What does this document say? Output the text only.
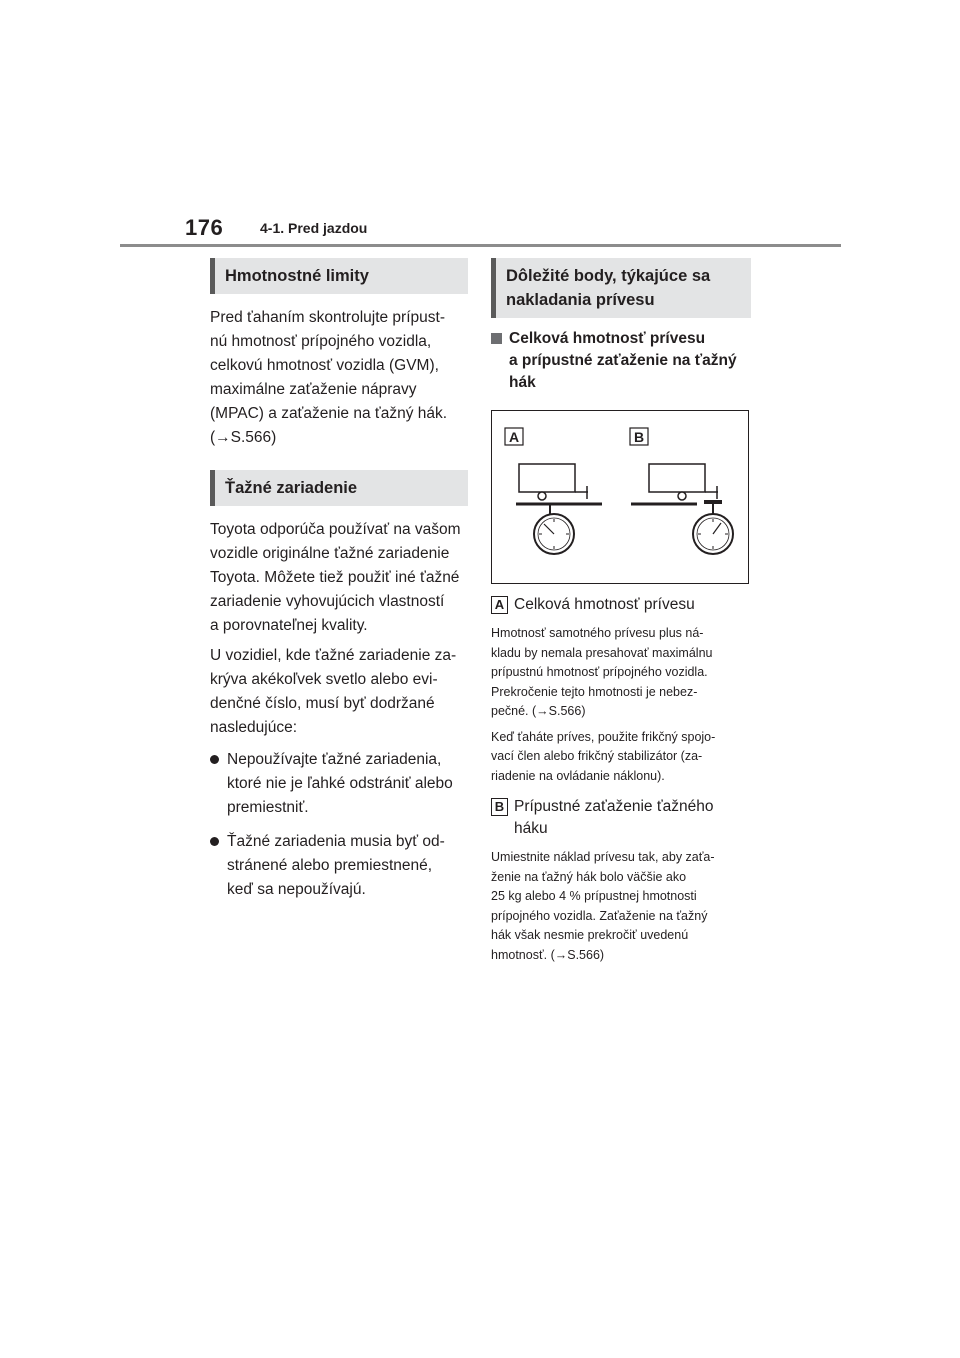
176	4-1. Pred jazdou
Hmotnostné limity

Pred ťahaním skontrolujte prípust-
nú hmotnosť prípojného vozidla,
celkovú hmotnosť vozidla (GVM),
maximálne zaťaženie nápravy
(MPAC) a zaťaženie na ťažný hák.
(→S.566)

Ťažné zariadenie

Toyota odporúča používať na vašom
vozidle originálne ťažné zariadenie
Toyota. Môžete tiež použiť iné ťažné
zariadenie vyhovujúcich vlastností
a porovnateľnej kvality.

U vozidiel, kde ťažné zariadenie za-
krýva akékoľvek svetlo alebo evi-
denčné číslo, musí byť dodržané
nasledujúce:

Nepoužívajte ťažné zariadenia,
ktoré nie je ľahké odstrániť alebo
premiestniť.
Ťažné zariadenia musia byť od-
stránené alebo premiestnené,
keď sa nepoužívajú.
Dôležité body, týkajúce sa
nakladania prívesu
Celková hmotnosť prívesu
a prípustné zaťaženie na ťažný
hák
A	B
A Celková hmotnosť prívesu

Hmotnosť samotného prívesu plus ná-
kladu by nemala presahovať maximálnu
prípustnú hmotnosť prípojného vozidla.
Prekročenie tejto hmotnosti je nebez-
pečné. (→S.566)

Keď ťaháte príves, použite frikčný spojo-
vací člen alebo frikčný stabilizátor (za-
riadenie na ovládanie náklonu).

B Prípustné zaťaženie ťažného
háku

Umiestnite náklad prívesu tak, aby zaťa-
ženie na ťažný hák bolo väčšie ako
25 kg alebo 4 % prípustnej hmotnosti
prípojného vozidla. Zaťaženie na ťažný
hák však nesmie prekročiť uvedenú
hmotnosť. (→S.566)
